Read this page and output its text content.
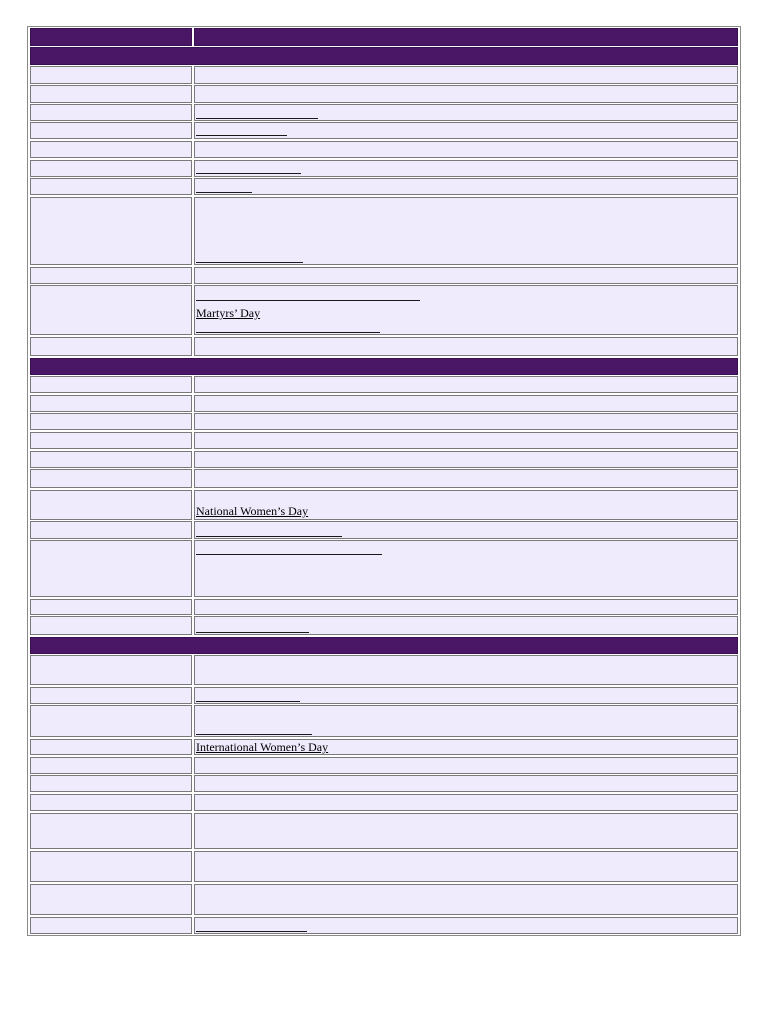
Martyrs’ Day
National Women’s Day
International Women’s Day
